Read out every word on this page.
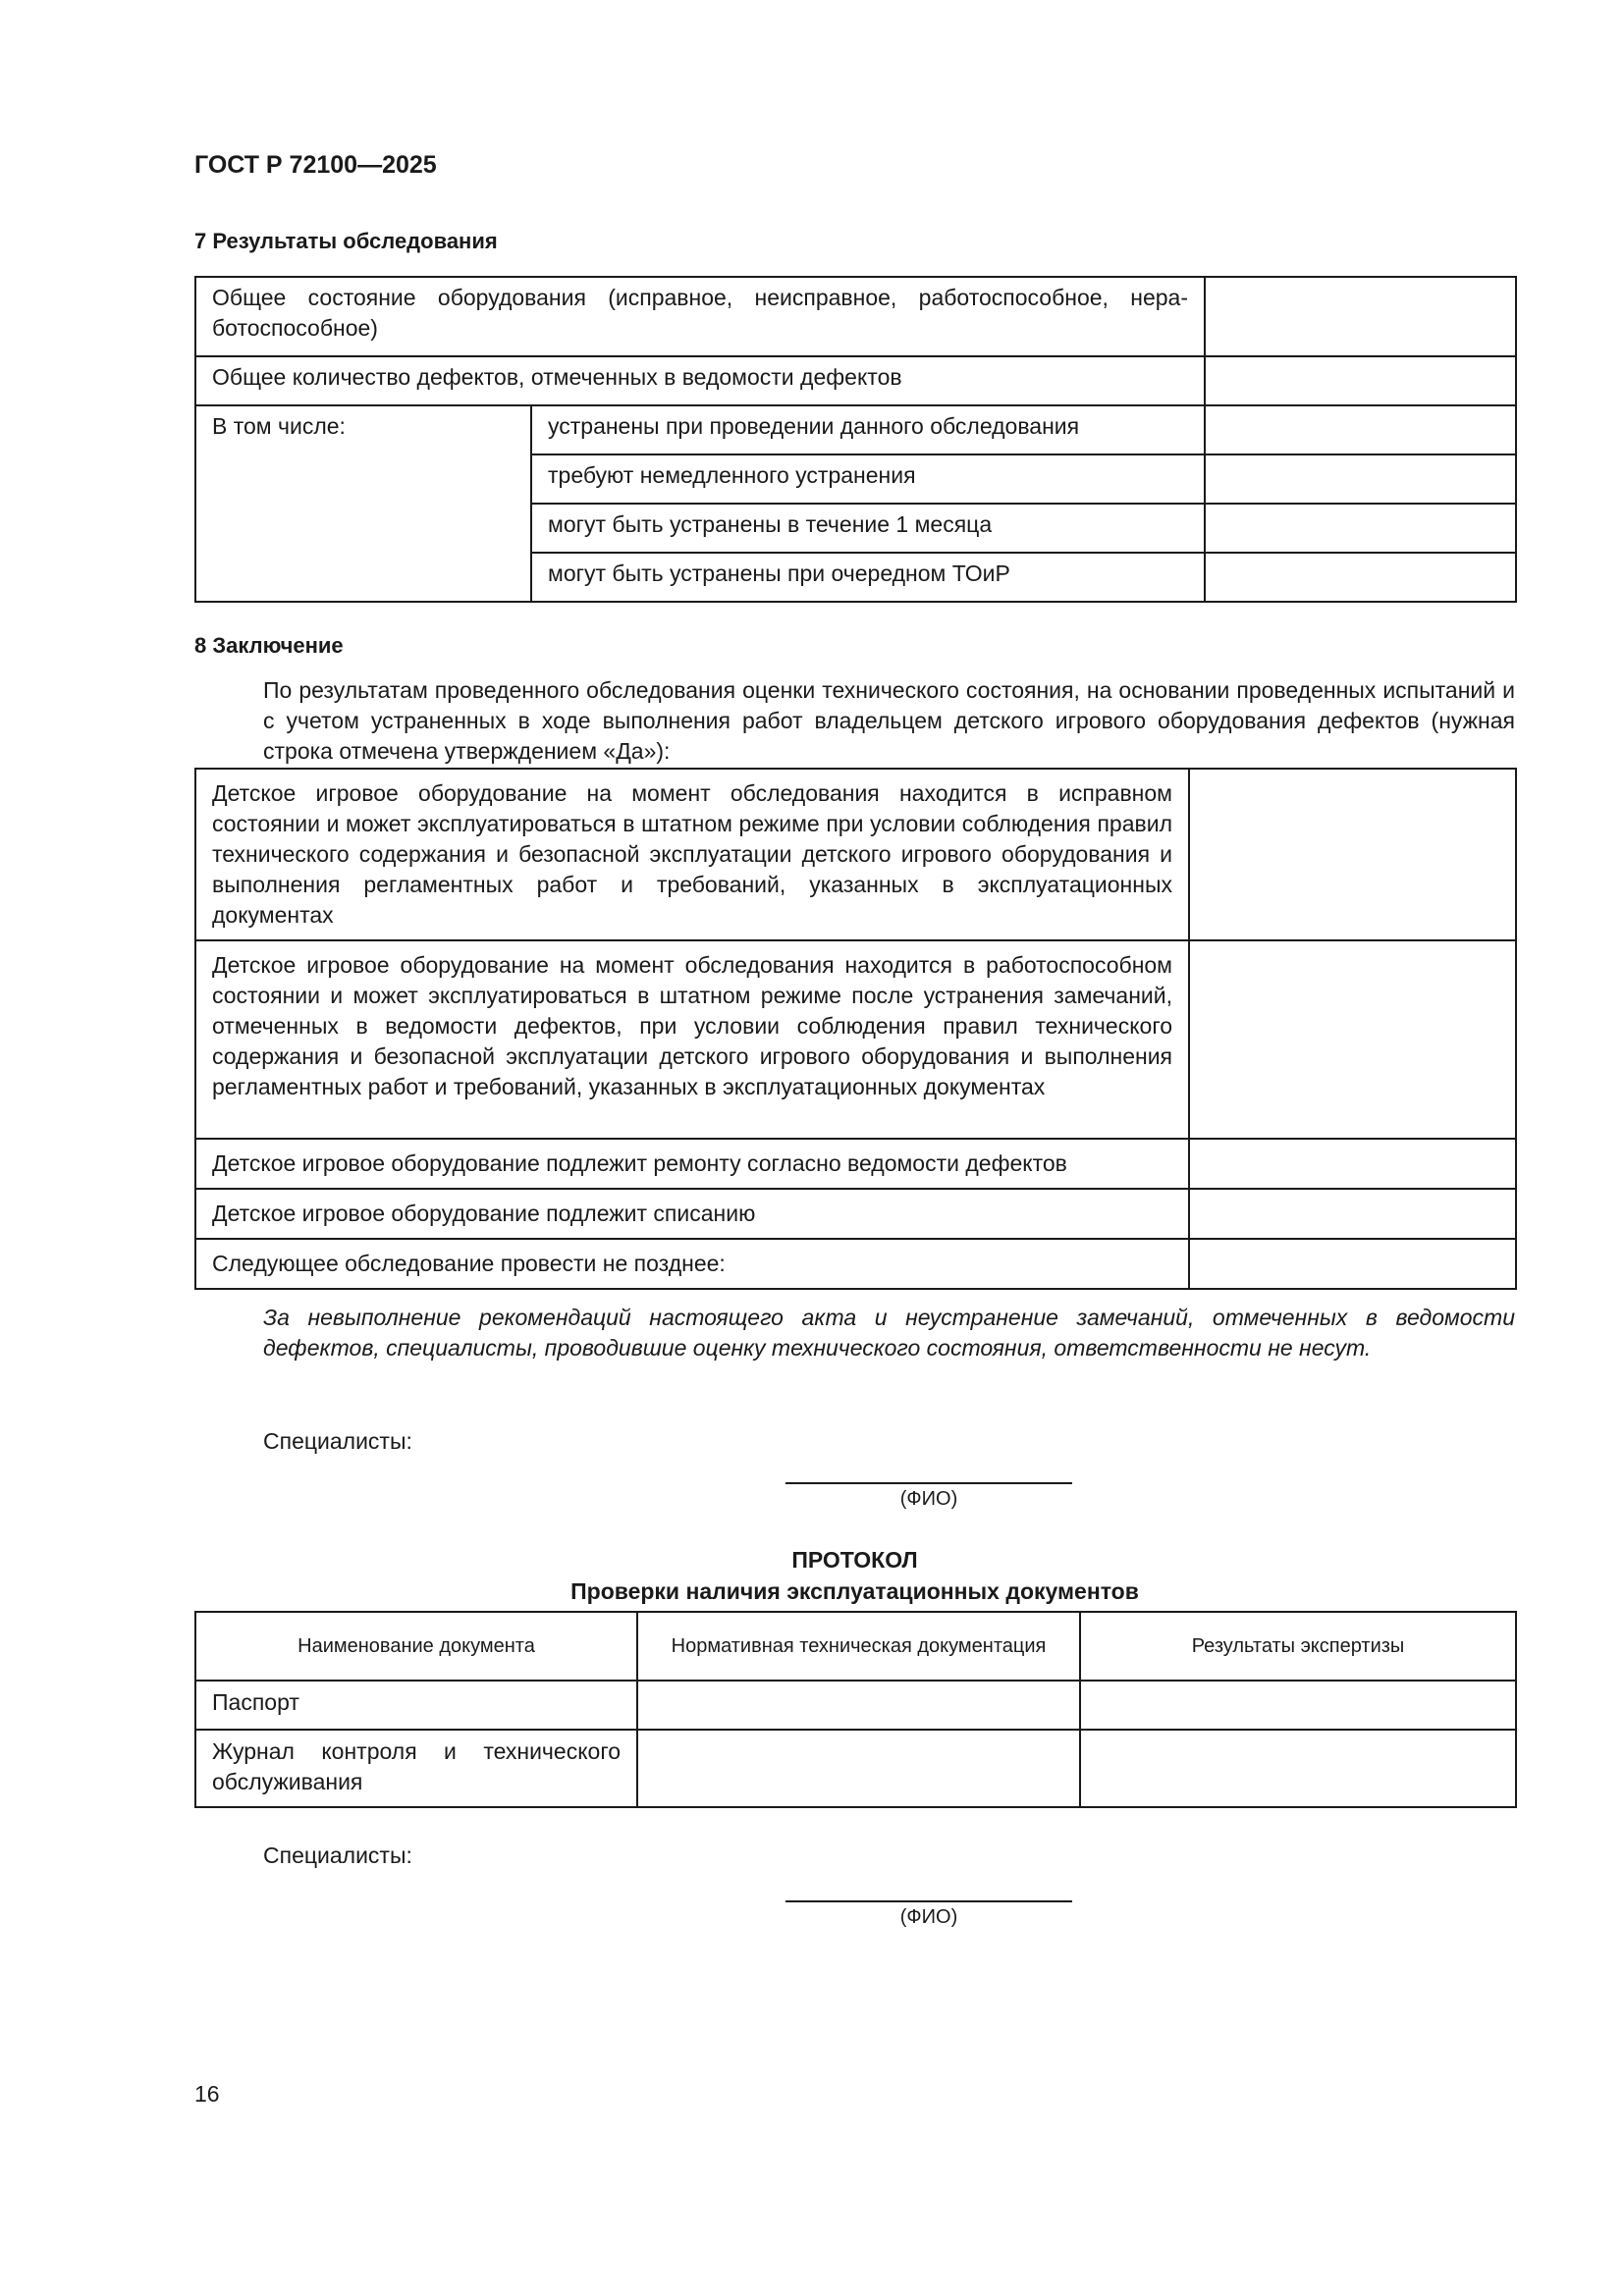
ГОСТ Р 72100—2025
7 Результаты обследования
Общее состояние оборудования (исправное, неисправное, работоспособное, неработоспособное)		
Общее количество дефектов, отмеченных в ведомости дефектов		
В том числе:	устранены при проведении данного обследования	
	требуют немедленного устранения	
	могут быть устранены в течение 1 месяца	
	могут быть устранены при очередном ТОиР	
8 Заключение
По результатам проведенного обследования оценки технического состояния, на основании проведенных испытаний и с учетом устраненных в ходе выполнения работ владельцем детского игрового оборудования дефектов (нужная строка отмечена утверждением «Да»):
Детское игровое оборудование на момент обследования находится в исправном состоянии и может эксплуатироваться в штатном режиме при условии соблюдения правил технического содержания и безопасной эксплуатации детского игрового оборудования и выполнения регламентных работ и требований, указанных в эксплуатационных документах	
Детское игровое оборудование на момент обследования находится в работоспособном состоянии и может эксплуатироваться в штатном режиме после устранения замечаний, отмеченных в ведомости дефектов, при условии соблюдения правил технического содержания и безопасной эксплуатации детского игрового оборудования и выполнения регламентных работ и требований, указанных в эксплуатационных документах	
Детское игровое оборудование подлежит ремонту согласно ведомости дефектов	
Детское игровое оборудование подлежит списанию	
Следующее обследование провести не позднее:	
За невыполнение рекомендаций настоящего акта и неустранение замечаний, отмеченных в ведомости дефектов, специалисты, проводившие оценку технического состояния, ответственности не несут.
Специалисты:
(ФИО)
ПРОТОКОЛ
Проверки наличия эксплуатационных документов
Наименование документа	Нормативная техническая документация	Результаты экспертизы
Паспорт		
Журнал контроля и технического обслуживания		
Специалисты:
(ФИО)
16
